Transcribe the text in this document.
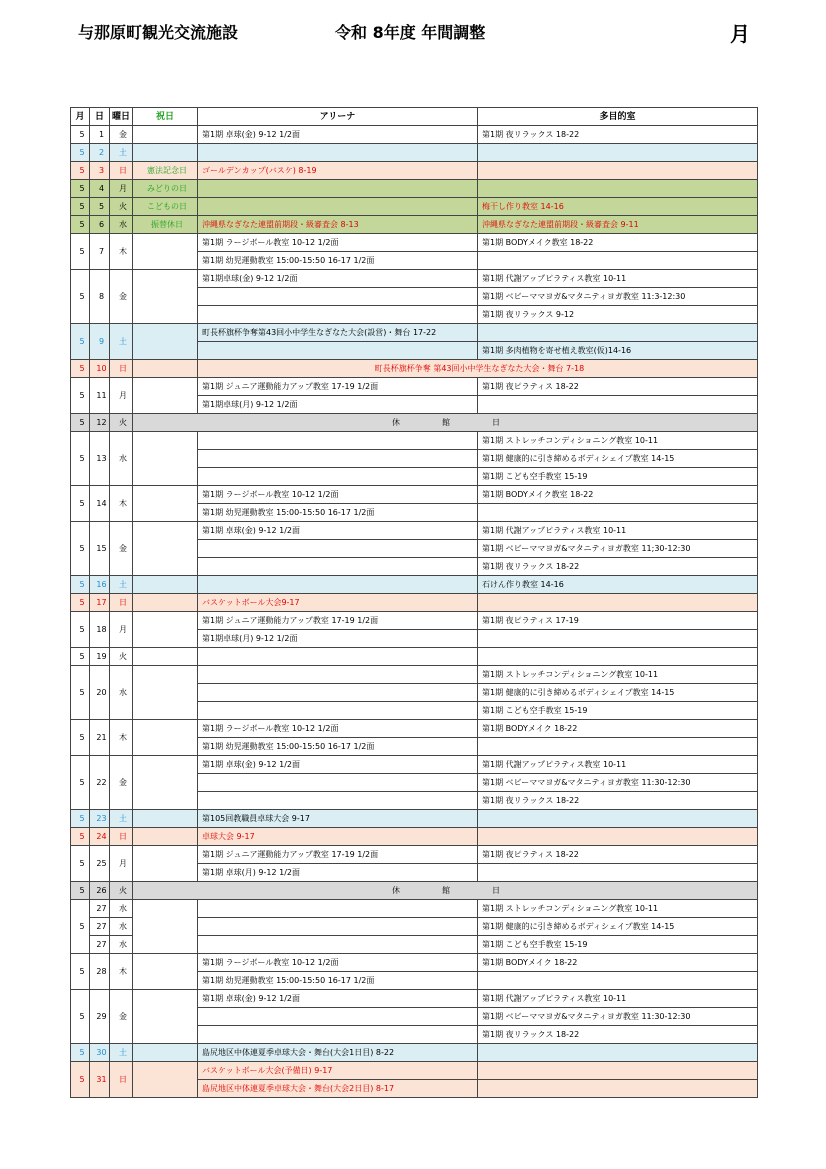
与那原町観光交流施設	令和 8年度 年間調整	月
月	日	曜日	祝日	アリーナ	多目的室
5	1	金		第1期 卓球(金) 9-12 1/2面	第1期 夜リラックス 18-22
5	2	土			
5	3	日	憲法記念日	ゴールデンカップ(バスケ) 8-19	
5	4	月	みどりの日		
5	5	火	こどもの日		梅干し作り教室 14-16
5	6	水	振替休日	沖縄県なぎなた連盟前期段・級審査会 8-13	沖縄県なぎなた連盟前期段・級審査会 9-11
5	7	木		第1期 ラージボール教室 10-12 1/2面	第1期 BODYメイク教室 18-22
				第1期 幼児運動教室 15:00-15:50 16-17 1/2面	
5	8	金		第1期卓球(金) 9-12 1/2面	第1期 代謝アップピラティス教室 10-11
					第1期 ベビーママヨガ&マタニティヨガ教室 11:3-12:30
					第1期 夜リラックス 9-12
5	9	土		町長杯旗杯争奪第43回小中学生なぎなた大会(設営)・舞台 17-22	
					第1期 多肉植物を寄せ植え教室(仮)14-16
5	10	日		町長杯旗杯争奪 第43回小中学生なぎなた大会・舞台 7-18	
5	11	月		第1期 ジュニア運動能力アップ教室 17-19 1/2面	第1期 夜ピラティス 18-22
				第1期卓球(月) 9-12 1/2面	
5	12	火	休　　　　館　　　　日		
5	13	水			第1期 ストレッチコンディショニング教室 10-11
					第1期 健康的に引き締めるボディシェイプ教室 14-15
					第1期 こども空手教室 15-19
5	14	木		第1期 ラージボール教室 10-12 1/2面	第1期 BODYメイク教室 18-22
				第1期 幼児運動教室 15:00-15:50 16-17 1/2面	
5	15	金		第1期 卓球(金) 9-12 1/2面	第1期 代謝アップピラティス教室 10-11
					第1期 ベビーママヨガ&マタニティヨガ教室 11;30-12:30
					第1期 夜リラックス 18-22
5	16	土			石けん作り教室 14-16
5	17	日		バスケットボール大会9-17	
5	18	月		第1期 ジュニア運動能力アップ教室 17-19 1/2面	第1期 夜ピラティス 17-19
				第1期卓球(月) 9-12 1/2面	
5	19	火			
5	20	水			第1期 ストレッチコンディショニング教室 10-11
					第1期 健康的に引き締めるボディシェイプ教室 14-15
					第1期 こども空手教室 15-19
5	21	木		第1期 ラージボール教室 10-12 1/2面	第1期 BODYメイク 18-22
				第1期 幼児運動教室 15:00-15:50 16-17 1/2面	
5	22	金		第1期 卓球(金) 9-12 1/2面	第1期 代謝アップピラティス教室 10-11
					第1期 ベビーママヨガ&マタニティヨガ教室 11:30-12:30
					第1期 夜リラックス 18-22
5	23	土		第105回教職員卓球大会 9-17	
5	24	日		卓球大会 9-17	
5	25	月		第1期 ジュニア運動能力アップ教室 17-19 1/2面	第1期 夜ピラティス 18-22
				第1期 卓球(月) 9-12 1/2面	
5	26	火	休　　　　館　　　　日		
5	27	水			第1期 ストレッチコンディショニング教室 10-11
	27	水			第1期 健康的に引き締めるボディシェイプ教室 14-15
	27	水			第1期 こども空手教室 15-19
5	28	木		第1期 ラージボール教室 10-12 1/2面	第1期 BODYメイク 18-22
				第1期 幼児運動教室 15:00-15:50 16-17 1/2面	
5	29	金		第1期 卓球(金) 9-12 1/2面	第1期 代謝アップピラティス教室 10-11
					第1期 ベビーママヨガ&マタニティヨガ教室 11:30-12:30
					第1期 夜リラックス 18-22
5	30	土		島尻地区中体連夏季卓球大会・舞台(大会1日目) 8-22	
5	31	日		バスケットボール大会(予備日) 9-17	
				島尻地区中体連夏季卓球大会・舞台(大会2日目) 8-17	
